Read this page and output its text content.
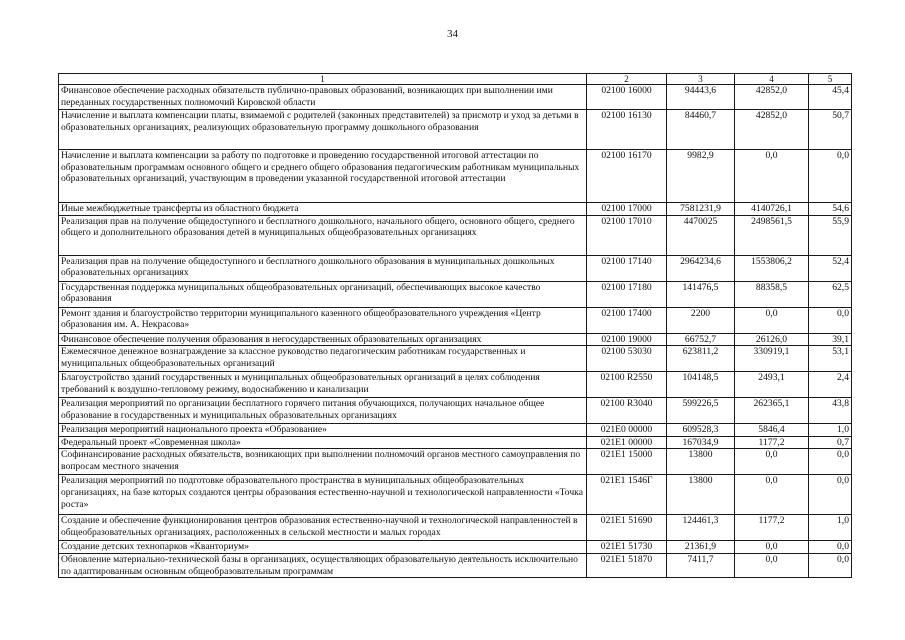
34
1	2	3	4	5
Финансовое обеспечение расходных обязательств публично-правовых образований, возникающих при выполнении ими переданных государственных полномочий Кировской области	02100 16000	94443,6	42852,0	45,4
Начисление и выплата компенсации платы, взимаемой с родителей (законных представителей) за присмотр и уход за детьми в образовательных организациях, реализующих образовательную программу дошкольного образования	02100 16130	84460,7	42852,0	50,7
Начисление и выплата компенсации за работу по подготовке и проведению государственной итоговой аттестации по образовательным программам основного общего и среднего общего образования педагогическим работникам муниципальных образовательных организаций, участвующим в проведении указанной государственной итоговой аттестации	02100 16170	9982,9	0,0	0,0
Иные межбюджетные трансферты из областного бюджета	02100 17000	7581231,9	4140726,1	54,6
Реализация прав на получение общедоступного и бесплатного дошкольного, начального общего, основного общего, среднего общего и дополнительного образования детей в муниципальных общеобразовательных организациях	02100 17010	4470025	2498561,5	55,9
Реализация прав на получение общедоступного и бесплатного дошкольного образования в муниципальных дошкольных образовательных организациях	02100 17140	2964234,6	1553806,2	52,4
Государственная поддержка муниципальных общеобразовательных организаций, обеспечивающих высокое качество образования	02100 17180	141476,5	88358,5	62,5
Ремонт здания и благоустройство территории муниципального казенного общеобразовательного учреждения «Центр образования им. А. Некрасова»	02100 17400	2200	0,0	0,0
Финансовое обеспечение получения образования в негосударственных образовательных организациях	02100 19000	66752,7	26126,0	39,1
Ежемесячное денежное вознаграждение за классное руководство педагогическим работникам государственных и муниципальных общеобразовательных организаций	02100 53030	623811,2	330919,1	53,1
Благоустройство зданий государственных и муниципальных общеобразовательных организаций в целях соблюдения требований к воздушно-тепловому режиму, водоснабжению и канализации	02100 R2550	104148,5	2493,1	2,4
Реализация мероприятий по организации бесплатного горячего питания обучающихся, получающих начальное общее образование в государственных и муниципальных образовательных организациях	02100 R3040	599226,5	262365,1	43,8
Реализация мероприятий национального проекта «Образование»	021E0 00000	609528,3	5846,4	1,0
Федеральный проект «Современная школа»	021E1 00000	167034,9	1177,2	0,7
Софинансирование расходных обязательств, возникающих при выполнении полномочий органов местного самоуправления по вопросам местного значения	021E1 15000	13800	0,0	0,0
Реализация мероприятий по подготовке образовательного пространства в муниципальных общеобразовательных организациях, на базе которых создаются центры образования естественно-научной и технологической направленности «Точка роста»	021E1 1546Г	13800	0,0	0,0
Создание и обеспечение функционирования центров образования естественно-научной и технологической направленностей в общеобразовательных организациях, расположенных в сельской местности и малых городах	021E1 51690	124461,3	1177,2	1,0
Создание детских технопарков «Кванториум»	021E1 51730	21361,9	0,0	0,0
Обновление материально-технической базы в организациях, осуществляющих образовательную деятельность исключительно по адаптированным основным общеобразовательным программам	021E1 51870	7411,7	0,0	0,0
